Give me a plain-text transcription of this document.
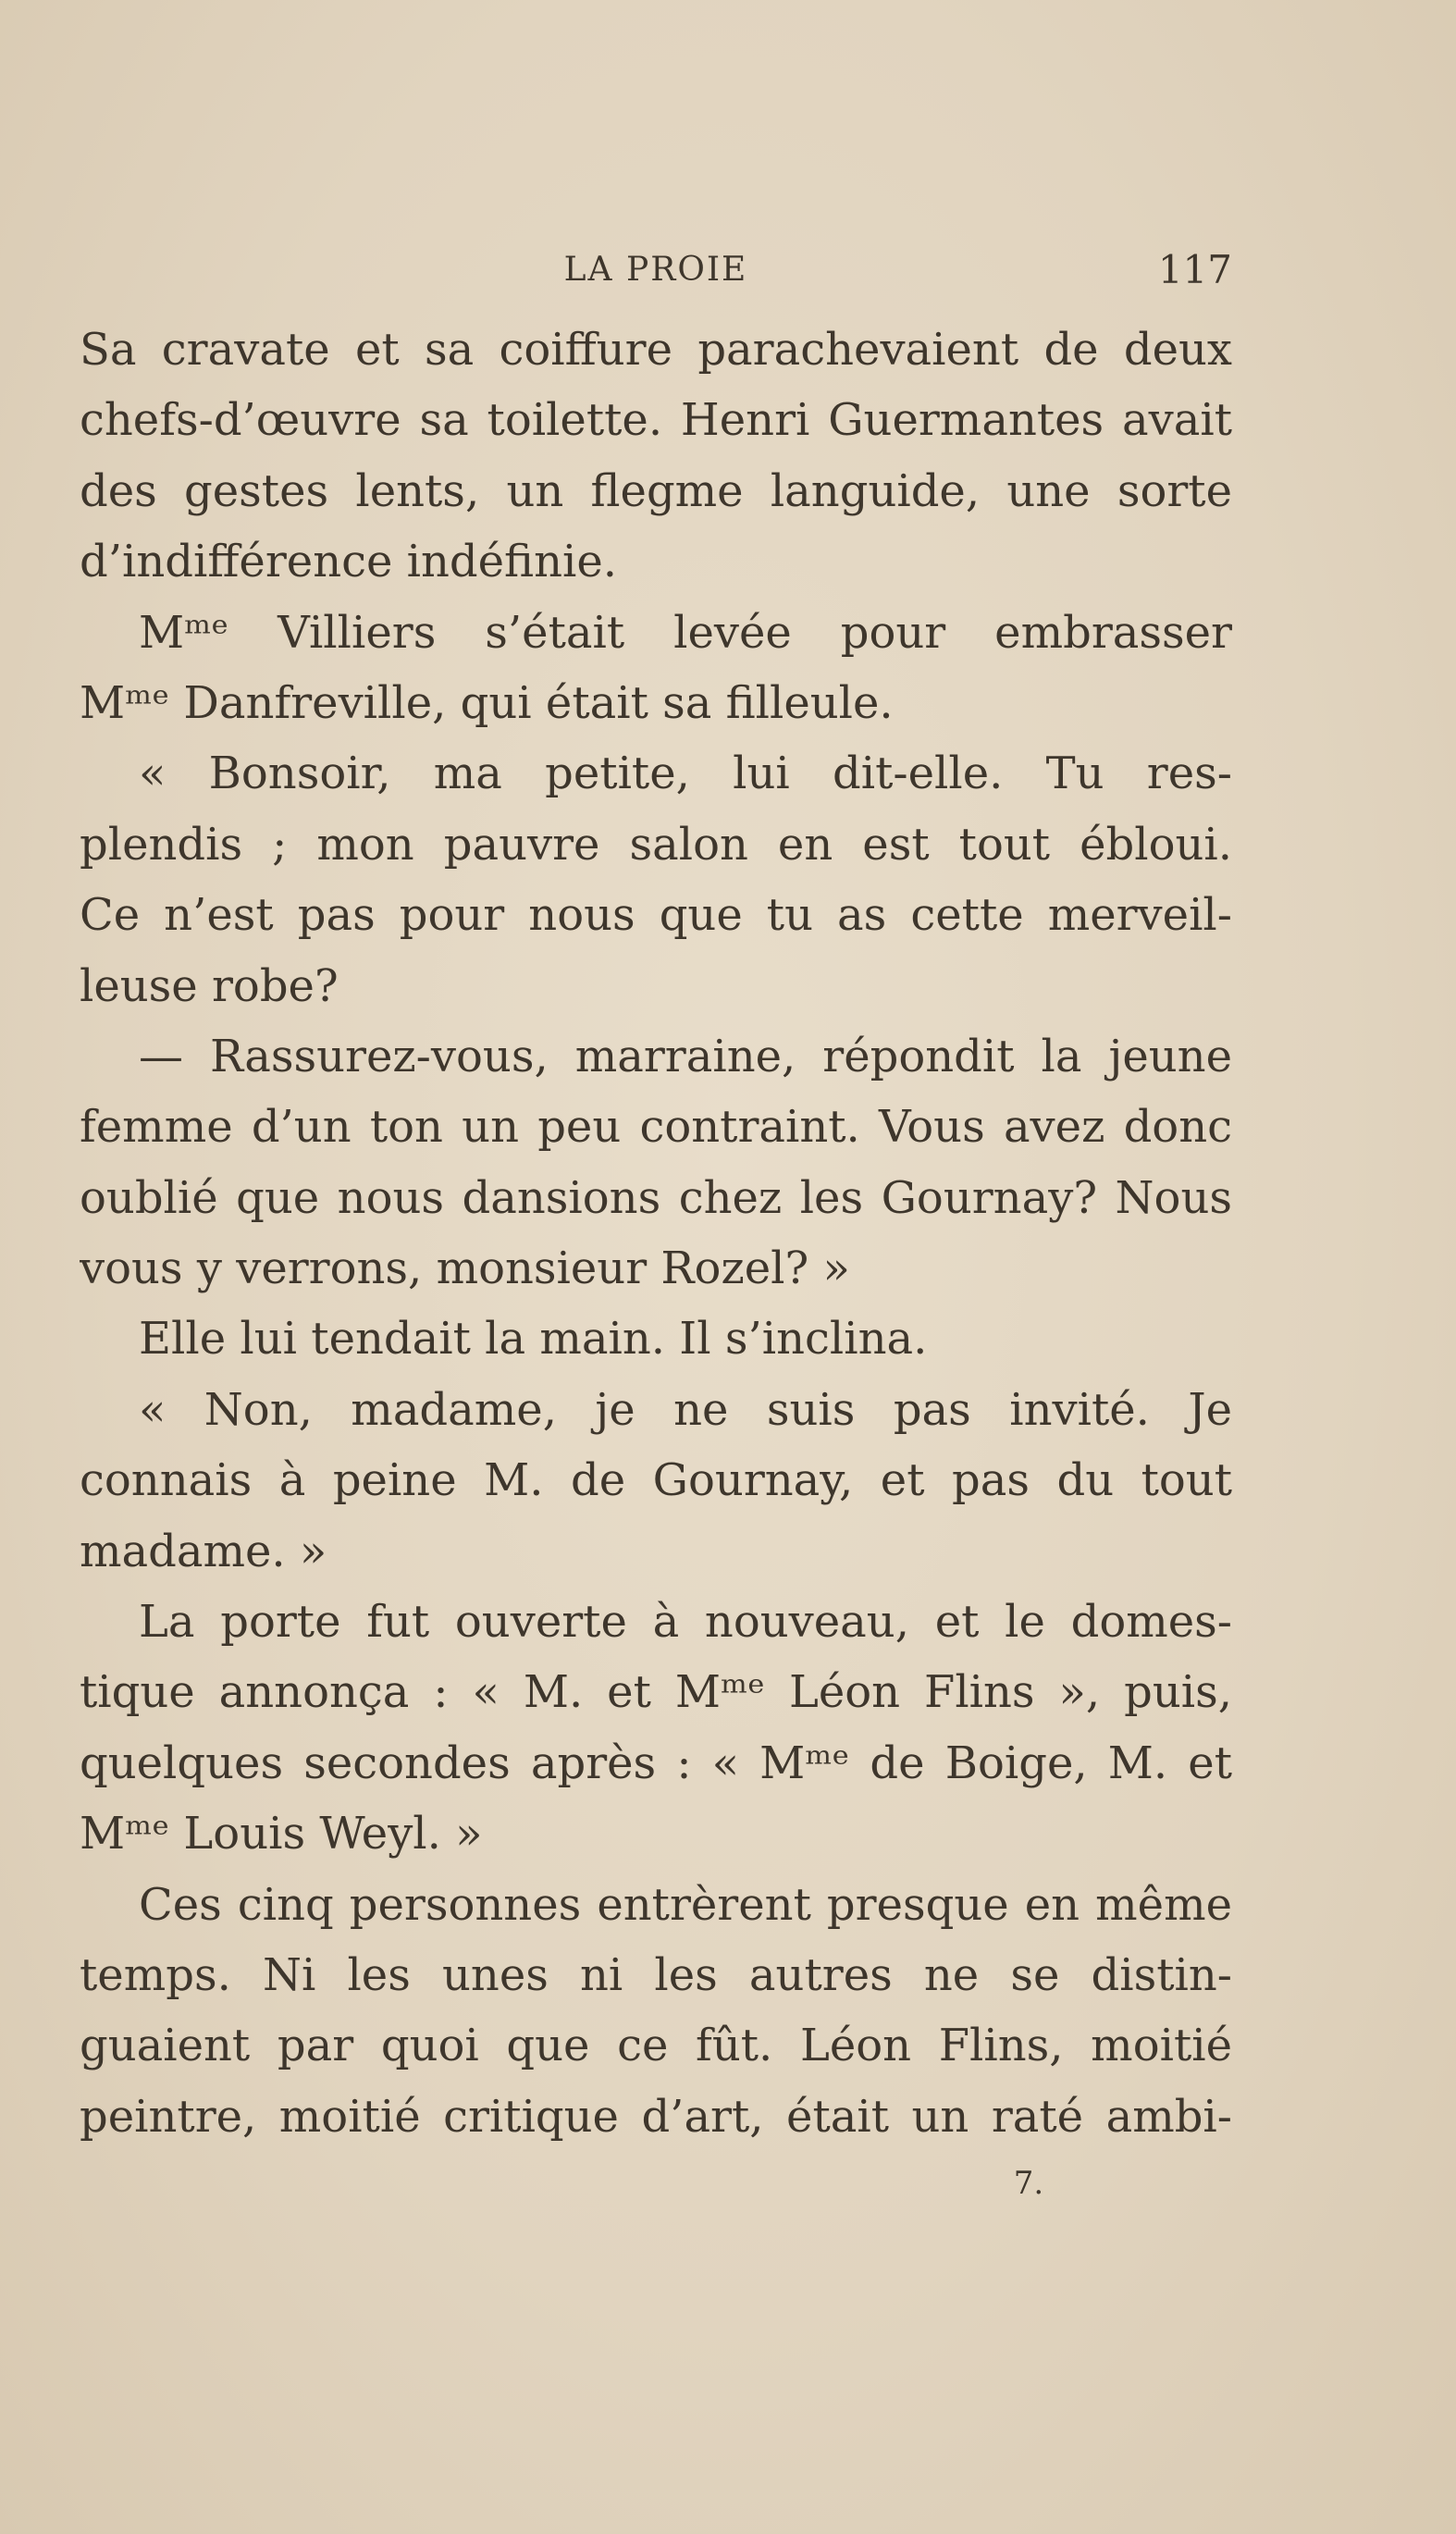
LA PROIE	117
Sa cravate et sa coiffure parachevaient de deux
chefs-d’œuvre sa toilette. Henri Guermantes avait
des gestes lents, un flegme languide, une sorte
d’indifférence indéfinie.
Mᵐᵉ Villiers s’était levée pour embrasser
Mᵐᵉ Danfreville, qui était sa filleule.
« Bonsoir, ma petite, lui dit-elle. Tu res-
plendis ; mon pauvre salon en est tout ébloui.
Ce n’est pas pour nous que tu as cette merveil-
leuse robe?
— Rassurez-vous, marraine, répondit la jeune
femme d’un ton un peu contraint. Vous avez donc
oublié que nous dansions chez les Gournay? Nous
vous y verrons, monsieur Rozel? »
Elle lui tendait la main. Il s’inclina.
« Non, madame, je ne suis pas invité. Je
connais à peine M. de Gournay, et pas du tout
madame. »
La porte fut ouverte à nouveau, et le domes-
tique annonça : « M. et Mᵐᵉ Léon Flins », puis,
quelques secondes après : « Mᵐᵉ de Boige, M. et
Mᵐᵉ Louis Weyl. »
Ces cinq personnes entrèrent presque en même
temps. Ni les unes ni les autres ne se distin-
guaient par quoi que ce fût. Léon Flins, moitié
peintre, moitié critique d’art, était un raté ambi-
7.
